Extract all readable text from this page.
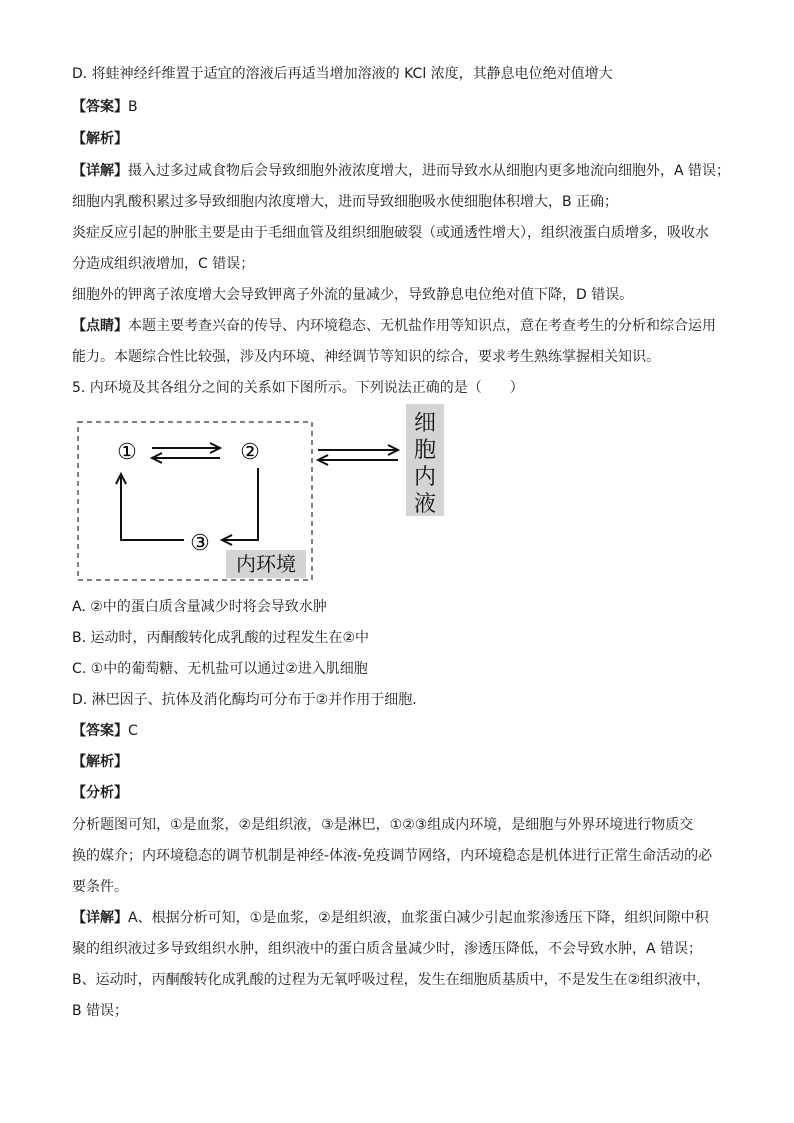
D. 将蛙神经纤维置于适宜的溶液后再适当增加溶液的 KCl 浓度，其静息电位绝对值增大
【答案】B
【解析】
【详解】摄入过多过咸食物后会导致细胞外液浓度增大，进而导致水从细胞内更多地流向细胞外，A 错误；
细胞内乳酸积累过多导致细胞内浓度增大，进而导致细胞吸水使细胞体积增大，B 正确；
炎症反应引起的肿胀主要是由于毛细血管及组织细胞破裂（或通透性增大），组织液蛋白质增多，吸收水
分造成组织液增加，C 错误；
细胞外的钾离子浓度增大会导致钾离子外流的量减少，导致静息电位绝对值下降，D 错误。
【点睛】本题主要考查兴奋的传导、内环境稳态、无机盐作用等知识点，意在考查考生的分析和综合运用
能力。本题综合性比较强，涉及内环境、神经调节等知识的综合，要求考生熟练掌握相关知识。
5. 内环境及其各组分之间的关系如下图所示。下列说法正确的是（　　）
①	②
③
内环境
细
胞
内
液
A. ②中的蛋白质含量减少时将会导致水肿
B. 运动时，丙酮酸转化成乳酸的过程发生在②中
C. ①中的葡萄糖、无机盐可以通过②进入肌细胞
D. 淋巴因子、抗体及消化酶均可分布于②并作用于细胞．
【答案】C
【解析】
【分析】
分析题图可知，①是血浆，②是组织液，③是淋巴，①②③组成内环境，是细胞与外界环境进行物质交
换的媒介；内环境稳态的调节机制是神经-体液-免疫调节网络，内环境稳态是机体进行正常生命活动的必
要条件。
【详解】A、根据分析可知，①是血浆，②是组织液，血浆蛋白减少引起血浆渗透压下降，组织间隙中积
聚的组织液过多导致组织水肿，组织液中的蛋白质含量减少时，渗透压降低，不会导致水肿，A 错误；
B、运动时，丙酮酸转化成乳酸的过程为无氧呼吸过程，发生在细胞质基质中，不是发生在②组织液中，
B 错误；
